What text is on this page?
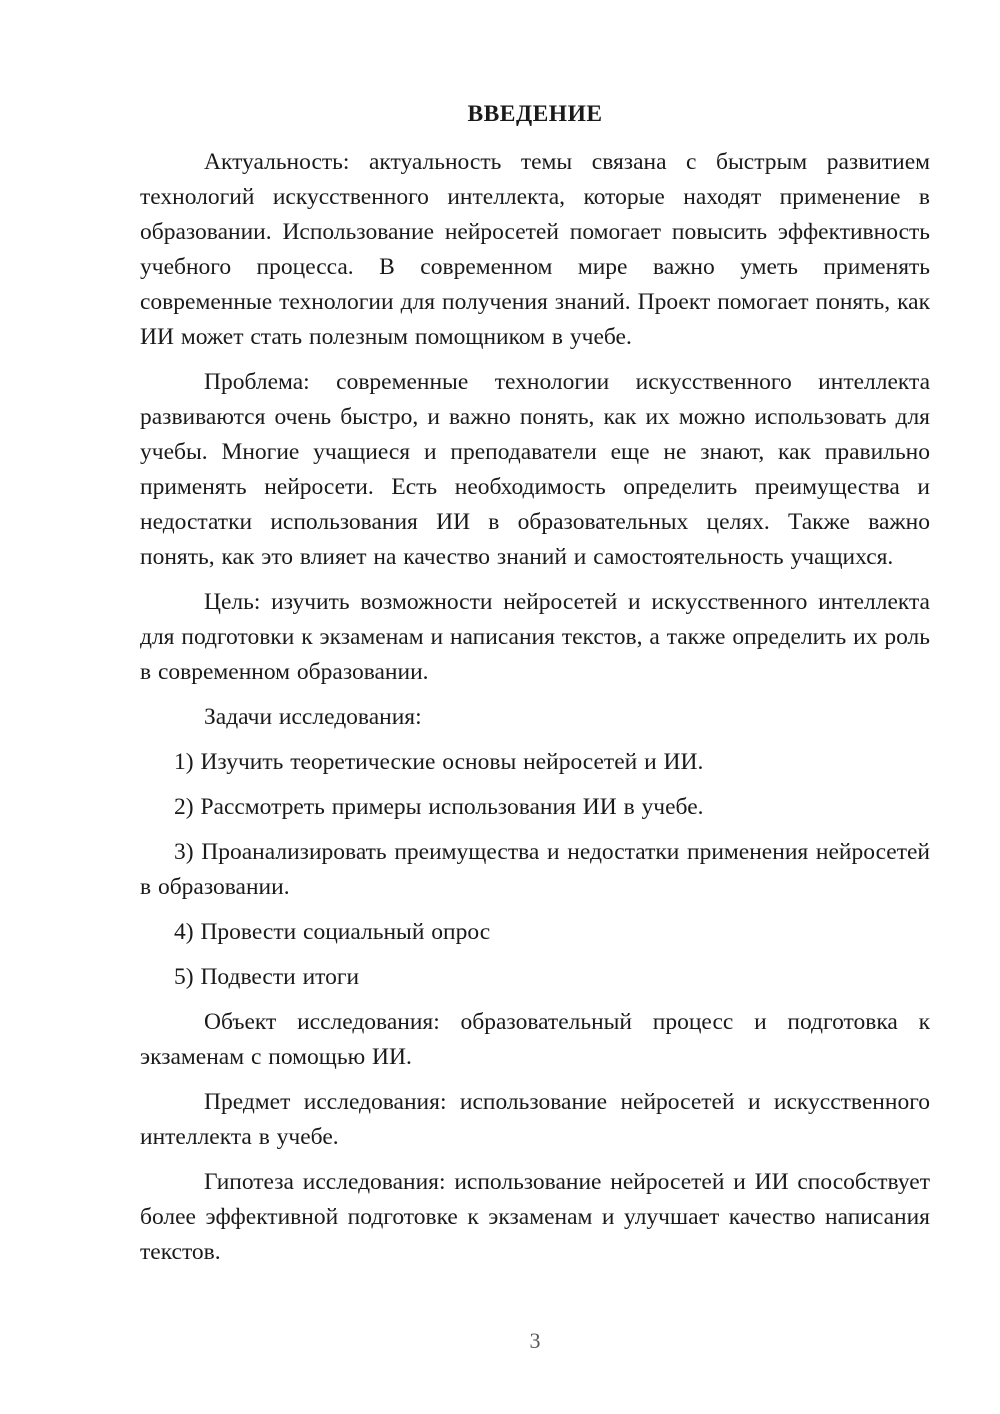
ВВЕДЕНИЕ

Актуальность: актуальность темы связана с быстрым развитием технологий искусственного интеллекта, которые находят применение в образовании. Использование нейросетей помогает повысить эффективность учебного процесса. В современном мире важно уметь применять современные технологии для получения знаний. Проект помогает понять, как ИИ может стать полезным помощником в учебе.

Проблема: современные технологии искусственного интеллекта развиваются очень быстро, и важно понять, как их можно использовать для учебы. Многие учащиеся и преподаватели еще не знают, как правильно применять нейросети. Есть необходимость определить преимущества и недостатки использования ИИ в образовательных целях. Также важно понять, как это влияет на качество знаний и самостоятельность учащихся.

Цель: изучить возможности нейросетей и искусственного интеллекта для подготовки к экзаменам и написания текстов, а также определить их роль в современном образовании.

Задачи исследования:

1) Изучить теоретические основы нейросетей и ИИ.

2) Рассмотреть примеры использования ИИ в учебе.

3) Проанализировать преимущества и недостатки применения нейросетей в образовании.

4) Провести социальный опрос

5) Подвести итоги

Объект исследования: образовательный процесс и подготовка к экзаменам с помощью ИИ.

Предмет исследования: использование нейросетей и искусственного интеллекта в учебе.

Гипотеза исследования: использование нейросетей и ИИ способствует более эффективной подготовке к экзаменам и улучшает качество написания текстов.

3
